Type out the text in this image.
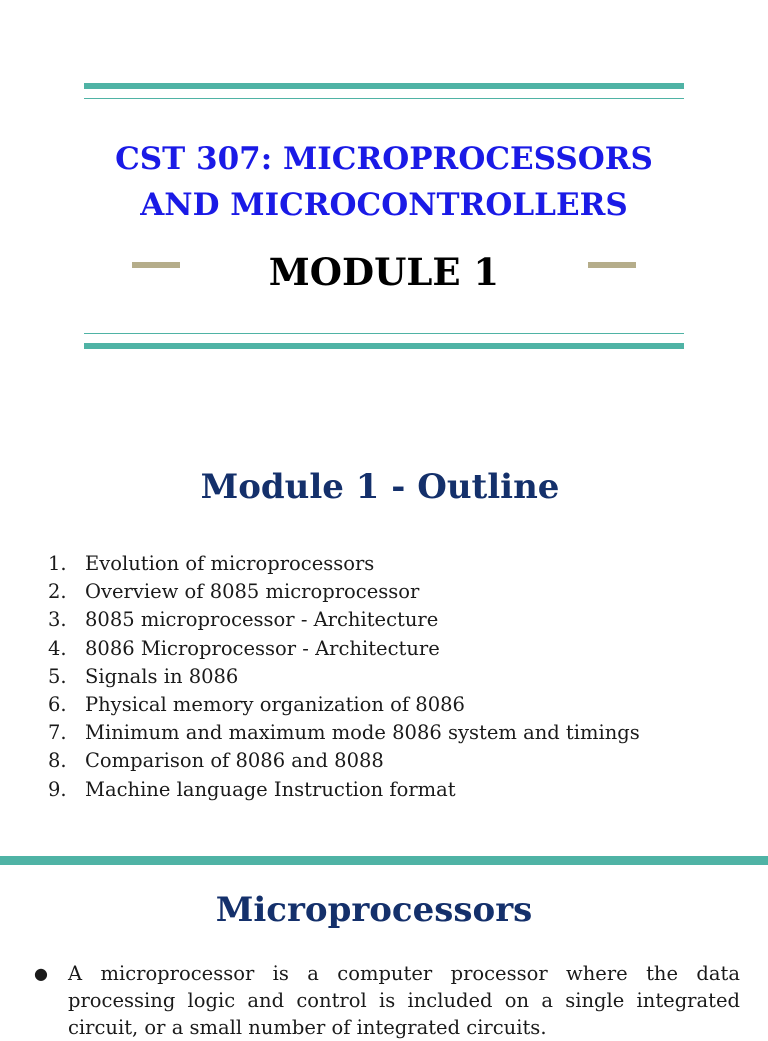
CST 307: MICROPROCESSORS AND MICROCONTROLLERS
MODULE 1
Module 1 - Outline
1. Evolution of microprocessors
2. Overview of 8085 microprocessor
3. 8085 microprocessor - Architecture
4. 8086 Microprocessor - Architecture
5. Signals in 8086
6. Physical memory organization of 8086
7. Minimum and maximum mode 8086 system and timings
8. Comparison of 8086 and 8088
9. Machine language Instruction format
Microprocessors
● A microprocessor is a computer processor where the data processing logic and control is included on a single integrated circuit, or a small number of integrated circuits.
